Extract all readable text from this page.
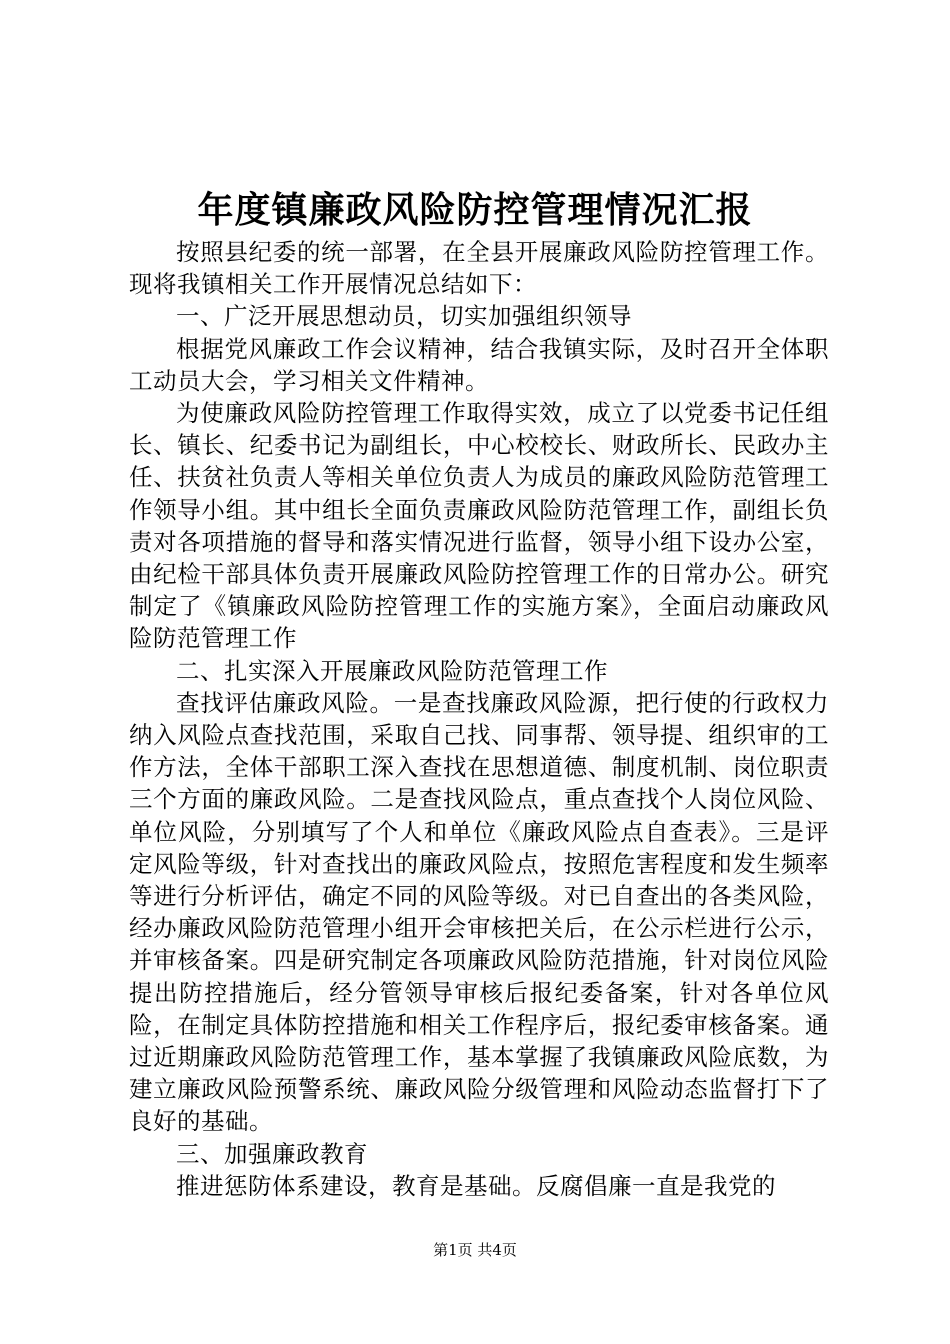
年度镇廉政风险防控管理情况汇报

按照县纪委的统一部署，在全县开展廉政风险防控管理工作。现将我镇相关工作开展情况总结如下：

一、广泛开展思想动员，切实加强组织领导

根据党风廉政工作会议精神，结合我镇实际，及时召开全体职工动员大会，学习相关文件精神。

为使廉政风险防控管理工作取得实效，成立了以党委书记任组长、镇长、纪委书记为副组长，中心校校长、财政所长、民政办主任、扶贫社负责人等相关单位负责人为成员的廉政风险防范管理工作领导小组。其中组长全面负责廉政风险防范管理工作，副组长负责对各项措施的督导和落实情况进行监督，领导小组下设办公室，由纪检干部具体负责开展廉政风险防控管理工作的日常办公。研究制定了《镇廉政风险防控管理工作的实施方案》，全面启动廉政风险防范管理工作

二、扎实深入开展廉政风险防范管理工作

查找评估廉政风险。一是查找廉政风险源，把行使的行政权力纳入风险点查找范围，采取自己找、同事帮、领导提、组织审的工作方法，全体干部职工深入查找在思想道德、制度机制、岗位职责三个方面的廉政风险。二是查找风险点，重点查找个人岗位风险、单位风险，分别填写了个人和单位《廉政风险点自查表》。三是评定风险等级，针对查找出的廉政风险点，按照危害程度和发生频率等进行分析评估，确定不同的风险等级。对已自查出的各类风险，经办廉政风险防范管理小组开会审核把关后，在公示栏进行公示，并审核备案。四是研究制定各项廉政风险防范措施，针对岗位风险提出防控措施后，经分管领导审核后报纪委备案，针对各单位风险，在制定具体防控措施和相关工作程序后，报纪委审核备案。通过近期廉政风险防范管理工作，基本掌握了我镇廉政风险底数，为建立廉政风险预警系统、廉政风险分级管理和风险动态监督打下了良好的基础。

三、加强廉政教育

推进惩防体系建设，教育是基础。反腐倡廉一直是我党的

第1页 共4页
